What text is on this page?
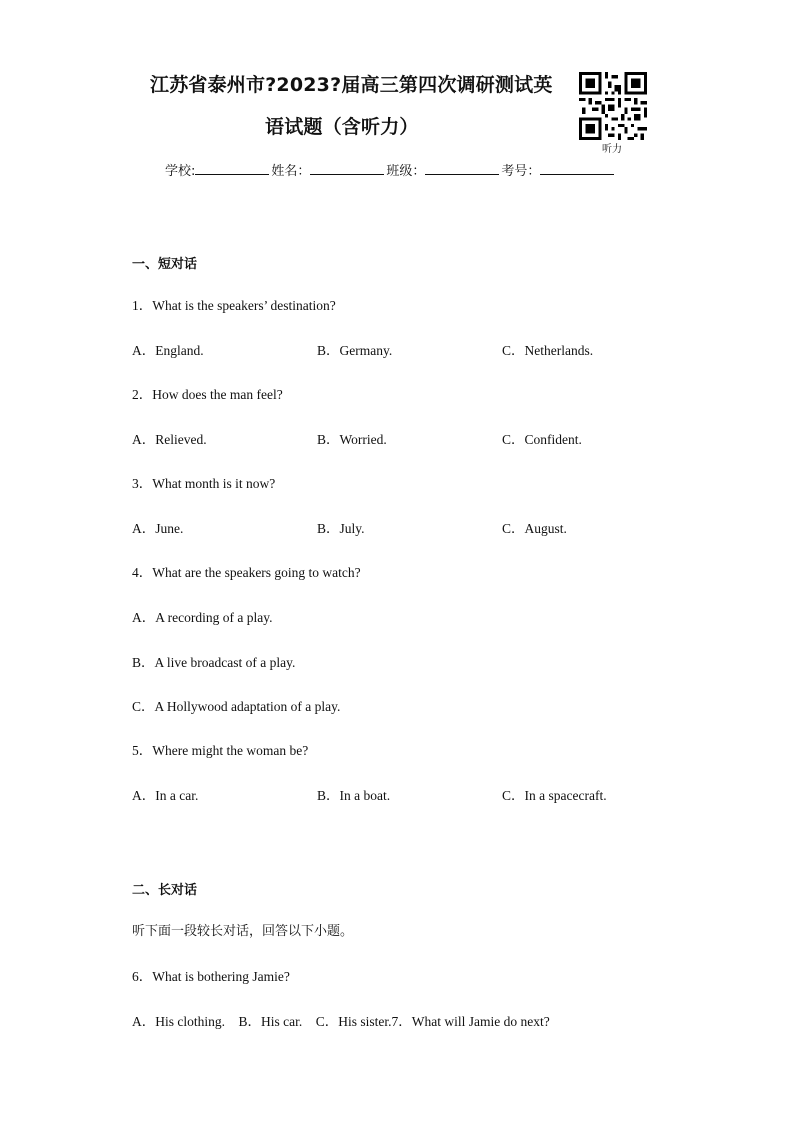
江苏省泰州市?2023?届高三第四次调研测试英
语试题（含听力）
听力
学校:	姓名：	班级：	考号：
一、短对话
1．What is the speakers’ destination?
A．England.	B．Germany.	C．Netherlands.
2．How does the man feel?
A．Relieved.	B．Worried.	C．Confident.
3．What month is it now?
A．June.	B．July.	C．August.
4．What are the speakers going to watch?
A．A recording of a play.
B．A live broadcast of a play.
C．A Hollywood adaptation of a play.
5．Where might the woman be?
A．In a car.	B．In a boat.	C．In a spacecraft.
二、长对话
听下面一段较长对话，回答以下小题。
6．What is bothering Jamie?
A．His clothing.    B．His car.    C．His sister.7．What will Jamie do next?
